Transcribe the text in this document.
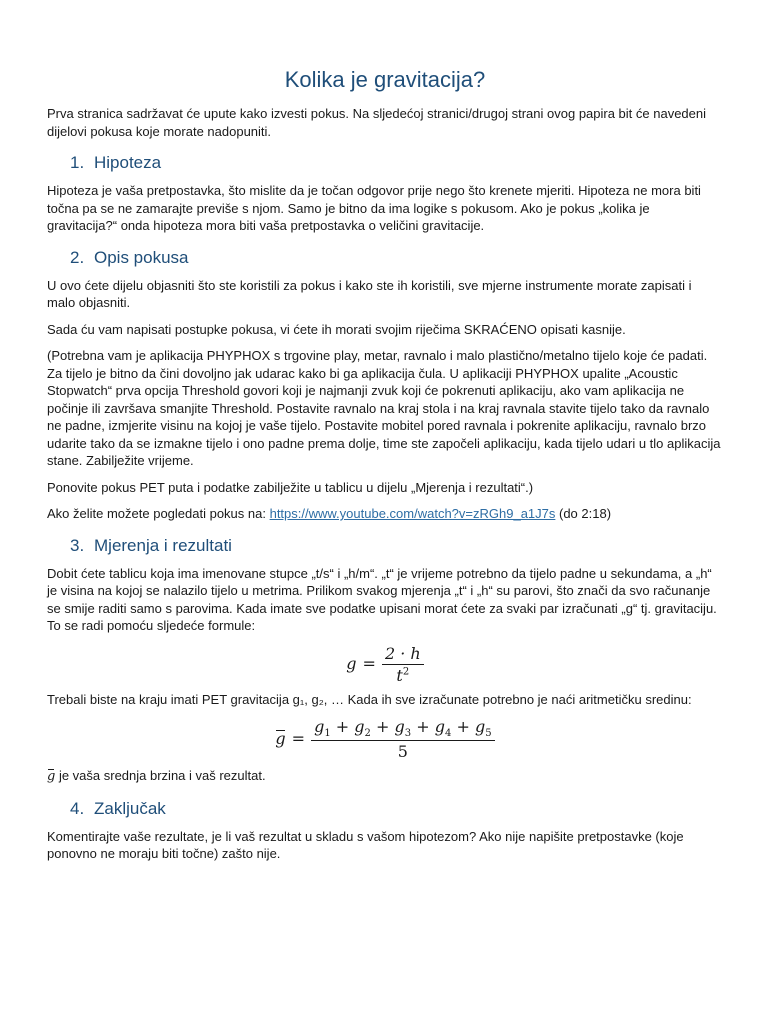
Kolika je gravitacija?

Prva stranica sadržavat će upute kako izvesti pokus. Na sljedećoj stranici/drugoj strani ovog papira bit će navedeni dijelovi pokusa koje morate nadopuniti.

1. Hipoteza

Hipoteza je vaša pretpostavka, što mislite da je točan odgovor prije nego što krenete mjeriti. Hipoteza ne mora biti točna pa se ne zamarajte previše s njom. Samo je bitno da ima logike s pokusom. Ako je pokus „kolika je gravitacija?“ onda hipoteza mora biti vaša pretpostavka o veličini gravitacije.

2. Opis pokusa

U ovo ćete dijelu objasniti što ste koristili za pokus i kako ste ih koristili, sve mjerne instrumente morate zapisati i malo objasniti.

Sada ću vam napisati postupke pokusa, vi ćete ih morati svojim riječima SKRAĆENO opisati kasnije.

(Potrebna vam je aplikacija PHYPHOX s trgovine play, metar, ravnalo i malo plastično/metalno tijelo koje će padati. Za tijelo je bitno da čini dovoljno jak udarac kako bi ga aplikacija čula. U aplikaciji PHYPHOX upalite „Acoustic Stopwatch“ prva opcija Threshold govori koji je najmanji zvuk koji će pokrenuti aplikaciju, ako vam aplikacija ne počinje ili završava smanjite Threshold. Postavite ravnalo na kraj stola i na kraj ravnala stavite tijelo tako da ravnalo ne padne, izmjerite visinu na kojoj je vaše tijelo. Postavite mobitel pored ravnala i pokrenite aplikaciju, ravnalo brzo udarite tako da se izmakne tijelo i ono padne prema dolje, time ste započeli aplikaciju, kada tijelo udari u tlo aplikacija stane. Zabilježite vrijeme.

Ponovite pokus PET puta i podatke zabilježite u tablicu u dijelu „Mjerenja i rezultati“.)

Ako želite možete pogledati pokus na: https://www.youtube.com/watch?v=zRGh9_a1J7s (do 2:18)

3. Mjerenja i rezultati

Dobit ćete tablicu koja ima imenovane stupce „t/s“ i „h/m“. „t“ je vrijeme potrebno da tijelo padne u sekundama, a „h“ je visina na kojoj se nalazilo tijelo u metrima. Prilikom svakog mjerenja „t“ i „h“ su parovi, što znači da svo računanje se smije raditi samo s parovima. Kada imate sve podatke upisani morat ćete za svaki par izračunati „g“ tj. gravitaciju. To se radi pomoću sljedeće formule:

$g = \frac{2 \cdot h}{t^2}$

Trebali biste na kraju imati PET gravitacija g₁, g₂, … Kada ih sve izračunate potrebno je naći aritmetičku sredinu:

$g = \frac{g_1 + g_2 + g_3 + g_4 + g_5}{5}$

g je vaša srednja brzina i vaš rezultat.

4. Zaključak

Komentirajte vaše rezultate, je li vaš rezultat u skladu s vašom hipotezom? Ako nije napišite pretpostavke (koje ponovno ne moraju biti točne) zašto nije.
